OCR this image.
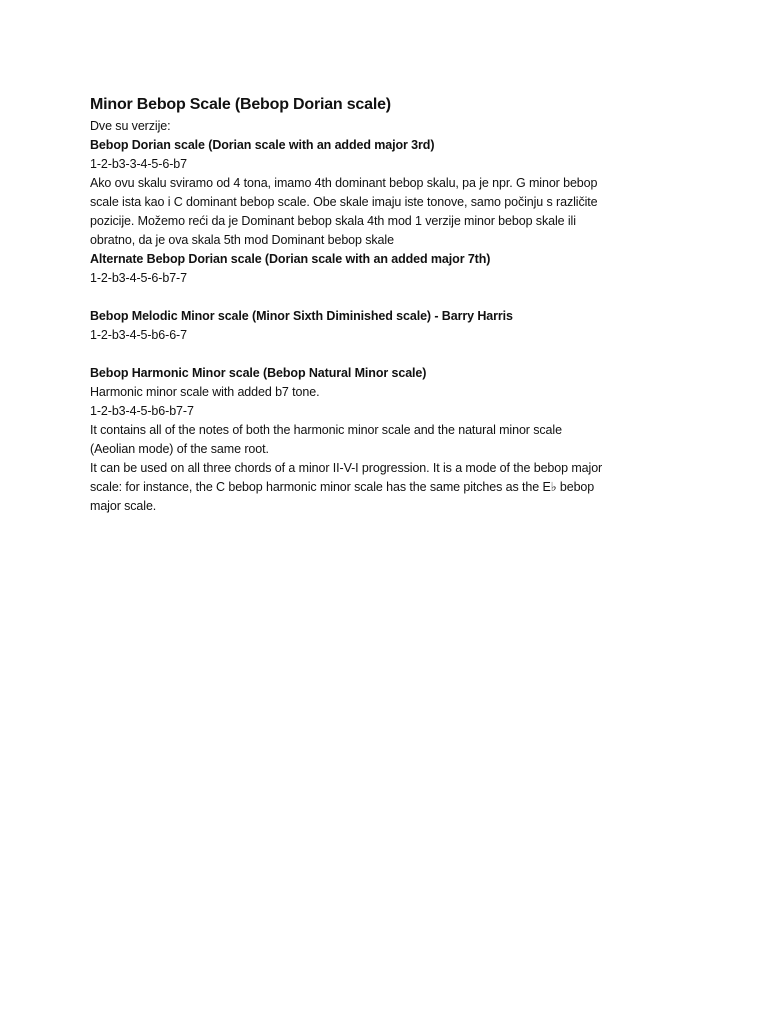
Minor Bebop Scale (Bebop Dorian scale)
Dve su verzije:
Bebop Dorian scale (Dorian scale with an added major 3rd)
1-2-b3-3-4-5-6-b7
Ako ovu skalu sviramo od 4 tona, imamo 4th dominant bebop skalu, pa je npr. G minor bebop
scale ista kao i C dominant bebop scale. Obe skale imaju iste tonove, samo počinju s različite
pozicije. Možemo reći da je Dominant bebop skala 4th mod 1 verzije minor bebop skale ili
obratno, da je ova skala 5th mod Dominant bebop skale
Alternate Bebop Dorian scale (Dorian scale with an added major 7th)
1-2-b3-4-5-6-b7-7
Bebop Melodic Minor scale (Minor Sixth Diminished scale) - Barry Harris
1-2-b3-4-5-b6-6-7
Bebop Harmonic Minor scale (Bebop Natural Minor scale)
Harmonic minor scale with added b7 tone.
1-2-b3-4-5-b6-b7-7
It contains all of the notes of both the harmonic minor scale and the natural minor scale
(Aeolian mode) of the same root.
It can be used on all three chords of a minor II-V-I progression. It is a mode of the bebop major
scale: for instance, the C bebop harmonic minor scale has the same pitches as the E♭ bebop
major scale.
